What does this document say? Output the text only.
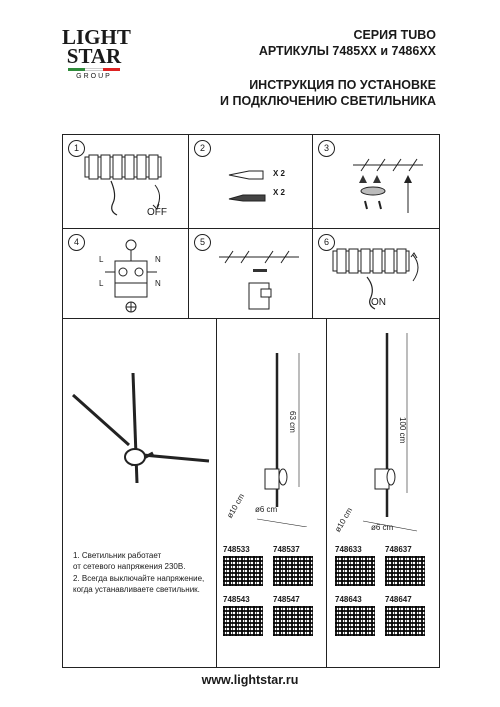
LIGHT
STAR
GROUP
СЕРИЯ TUBO
АРТИКУЛЫ 7485XX и 7486XX
ИНСТРУКЦИЯ ПО УСТАНОВКЕ
И ПОДКЛЮЧЕНИЮ СВЕТИЛЬНИКА
1
OFF
2
X 2
X 2
3
4
L	N
L	N
5	6
ON
1. Светильник работает
от сетевого напряжения 230В.
2. Всегда выключайте напряжение,
когда устанавливаете светильник.
63 cm
ø10 cm ø6 cm
748533	748537
748543	748547
100 cm
ø10 cm ø6 cm
748633	748637
748643	748647
www.lightstar.ru
